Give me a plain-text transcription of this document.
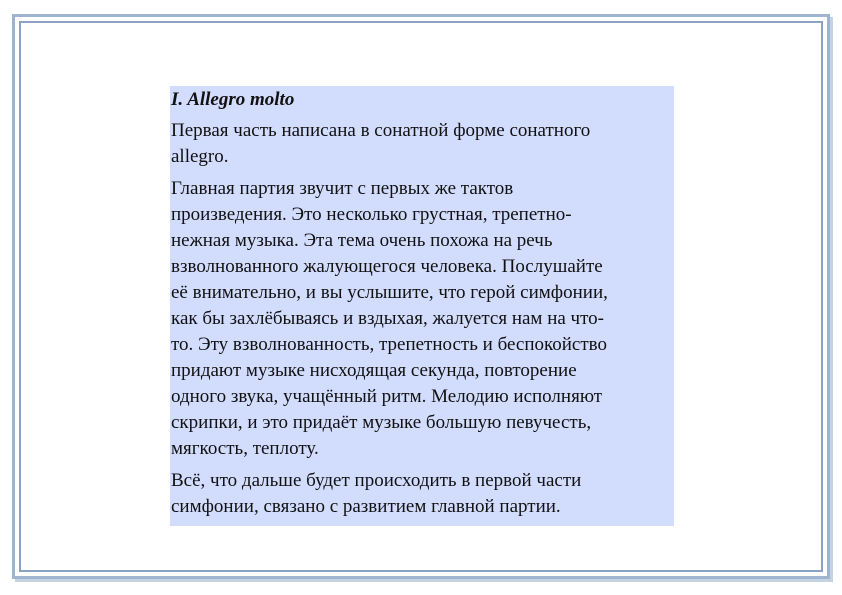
I. Allegro molto

Первая часть написана в сонатной форме сонатного
allegro.

Главная партия звучит с первых же тактов
произведения. Это несколько грустная, трепетно-
нежная музыка. Эта тема очень похожа на речь
взволнованного жалующегося человека. Послушайте
её внимательно, и вы услышите, что герой симфонии,
как бы захлёбываясь и вздыхая, жалуется нам на что-
то. Эту взволнованность, трепетность и беспокойство
придают музыке нисходящая секунда, повторение
одного звука, учащённый ритм. Мелодию исполняют
скрипки, и это придаёт музыке большую певучесть,
мягкость, теплоту.

Всё, что дальше будет происходить в первой части
симфонии, связано с развитием главной партии.
